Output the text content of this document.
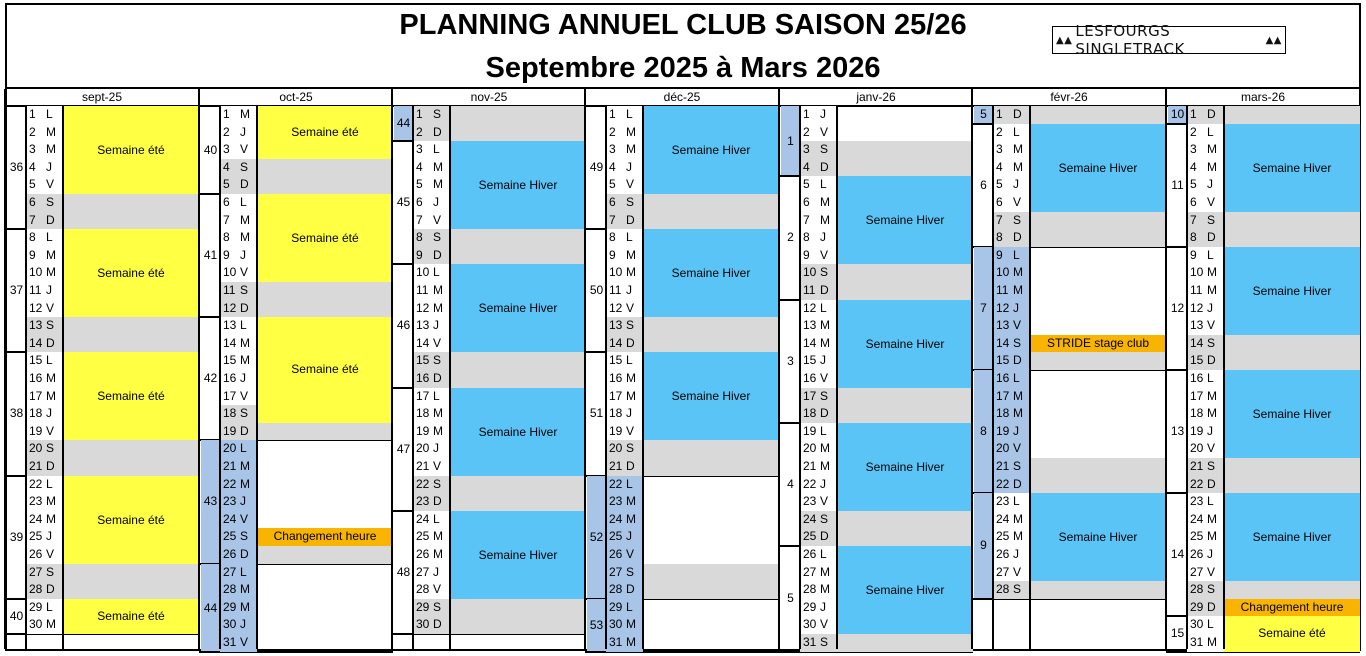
PLANNING ANNUEL CLUB SAISON 25/26
Septembre 2025 à Mars 2026
▲▲ LESFOURGS SINGLETRACK	▲▲
sept-25
36
1 L
2 M
3 M
4 J
5 V
6 S
7 D
37
8 L
9 M
10 M
11 J
12 V
13 S
14 D
38
15 L
16 M
17 M
18 J
19 V
20 S
21 D
39
22 L
23 M
24 M
25 J
26 V
27 S
28 D
40
29 L
30 M
Semaine été
Semaine été
Semaine été
Semaine été
Semaine été
oct-25
40
1 M
2 J
3 V
4 S
5 D
41
6 L
7 M
8 M
9 J
10 V
11 S
12 D
42
13 L
14 M
15 M
16 J
17 V
18 S
19 D
43
20 L
21 M
22 M
23 J
24 V
25 S
26 D
44
27 L
28 M
29 M
30 J
31 V
Semaine été
Semaine été
Semaine été
Changement heure
nov-25
44
1 S
2 D
45
3 L
4 M
5 M
6 J
7 V
8 S
9 D
46
10 L
11 M
12 M
13 J
14 V
15 S
16 D
47
17 L
18 M
19 M
20 J
21 V
22 S
23 D
48
24 L
25 M
26 M
27 J
28 V
29 S
30 D
Semaine Hiver
Semaine Hiver
Semaine Hiver
Semaine Hiver
déc-25
49
1 L
2 M
3 M
4 J
5 V
6 S
7 D
50
8 L
9 M
10 M
11 J
12 V
13 S
14 D
51
15 L
16 M
17 M
18 J
19 V
20 S
21 D
52
22 L
23 M
24 M
25 J
26 V
27 S
28 D
53
29 L
30 M
31 M
Semaine Hiver
Semaine Hiver
Semaine Hiver
janv-26
1
1 J
2 V
3 S
4 D
2
5 L
6 M
7 M
8 J
9 V
10 S
11 D
3
12 L
13 M
14 M
15 J
16 V
17 S
18 D
4
19 L
20 M
21 M
22 J
23 V
24 S
25 D
5
26 L
27 M
28 M
29 J
30 V
31 S
Semaine Hiver
Semaine Hiver
Semaine Hiver
Semaine Hiver
févr-26
5 1 D
6
2 L
3 M
4 M
5 J
6 V
7 S
8 D
7
9 L
10 M
11 M
12 J
13 V
14 S
15 D
8
16 L
17 M
18 M
19 J
20 V
21 S
22 D
9
23 L
24 M
25 M
26 J
27 V
28 S
Semaine Hiver
STRIDE stage club
Semaine Hiver
mars-26
10 1 D
11
2 L
3 M
4 M
5 J
6 V
7 S
8 D
12
9 L
10 M
11 M
12 J
13 V
14 S
15 D
13
16 L
17 M
18 M
19 J
20 V
21 S
22 D
14
23 L
24 M
25 M
26 J
27 V
28 S
29 D
15
30 L
31 M
Semaine Hiver
Semaine Hiver
Semaine Hiver
Semaine Hiver
Changement heure
Semaine été
